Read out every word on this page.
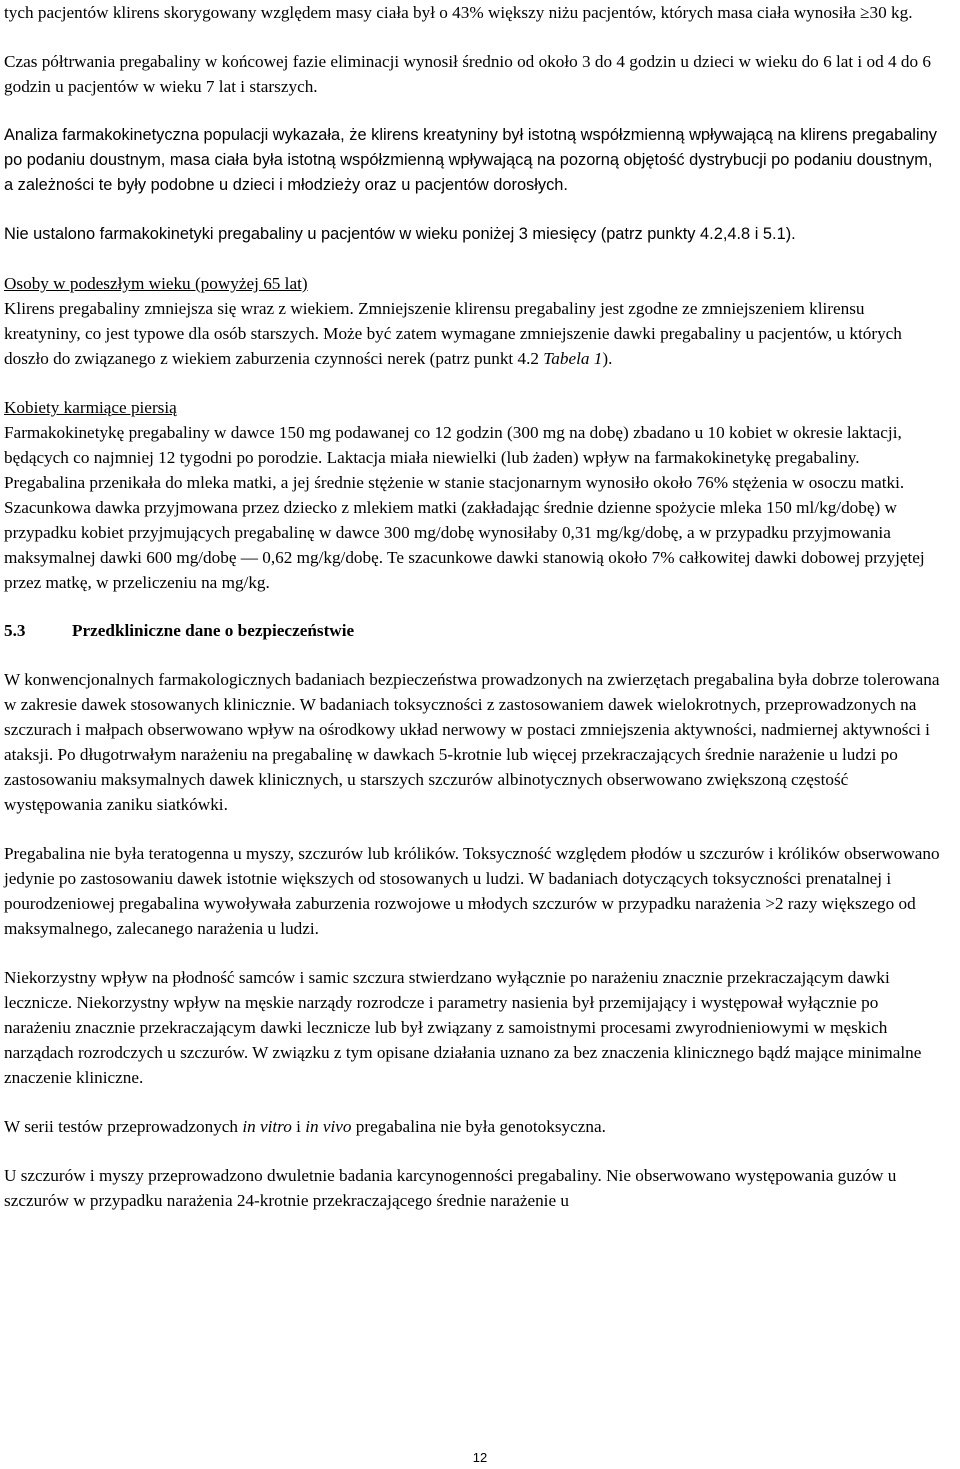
tych pacjentów klirens skorygowany względem masy ciała był o 43% większy niżu pacjentów, których masa ciała wynosiła ≥30 kg.

Czas półtrwania pregabaliny w końcowej fazie eliminacji wynosił średnio od około 3 do 4 godzin u dzieci w wieku do 6 lat i od 4 do 6 godzin u pacjentów w wieku 7 lat i starszych.

Analiza farmakokinetyczna populacji wykazała, że klirens kreatyniny był istotną współzmienną wpływającą na klirens pregabaliny po podaniu doustnym, masa ciała była istotną współzmienną wpływającą na pozorną objętość dystrybucji po podaniu doustnym, a zależności te były podobne u dzieci i młodzieży oraz u pacjentów dorosłych.

Nie ustalono farmakokinetyki pregabaliny u pacjentów w wieku poniżej 3 miesięcy (patrz punkty 4.2,4.8 i 5.1).

Osoby w podeszłym wieku (powyżej 65 lat)

Klirens pregabaliny zmniejsza się wraz z wiekiem. Zmniejszenie klirensu pregabaliny jest zgodne ze zmniejszeniem klirensu kreatyniny, co jest typowe dla osób starszych. Może być zatem wymagane zmniejszenie dawki pregabaliny u pacjentów, u których doszło do związanego z wiekiem zaburzenia czynności nerek (patrz punkt 4.2 Tabela 1).

Kobiety karmiące piersią

Farmakokinetykę pregabaliny w dawce 150 mg podawanej co 12 godzin (300 mg na dobę) zbadano u 10 kobiet w okresie laktacji, będących co najmniej 12 tygodni po porodzie. Laktacja miała niewielki (lub żaden) wpływ na farmakokinetykę pregabaliny. Pregabalina przenikała do mleka matki, a jej średnie stężenie w stanie stacjonarnym wynosiło około 76% stężenia w osoczu matki. Szacunkowa dawka przyjmowana przez dziecko z mlekiem matki (zakładając średnie dzienne spożycie mleka 150 ml/kg/dobę) w przypadku kobiet przyjmujących pregabalinę w dawce 300 mg/dobę wynosiłaby 0,31 mg/kg/dobę, a w przypadku przyjmowania maksymalnej dawki 600 mg/dobę — 0,62 mg/kg/dobę. Te szacunkowe dawki stanowią około 7% całkowitej dawki dobowej przyjętej przez matkę, w przeliczeniu na mg/kg.

5.3	Przedkliniczne dane o bezpieczeństwie

W konwencjonalnych farmakologicznych badaniach bezpieczeństwa prowadzonych na zwierzętach pregabalina była dobrze tolerowana w zakresie dawek stosowanych klinicznie. W badaniach toksyczności z zastosowaniem dawek wielokrotnych, przeprowadzonych na szczurach i małpach obserwowano wpływ na ośrodkowy układ nerwowy w postaci zmniejszenia aktywności, nadmiernej aktywności i ataksji. Po długotrwałym narażeniu na pregabalinę w dawkach 5-krotnie lub więcej przekraczających średnie narażenie u ludzi po zastosowaniu maksymalnych dawek klinicznych, u starszych szczurów albinotycznych obserwowano zwiększoną częstość występowania zaniku siatkówki.

Pregabalina nie była teratogenna u myszy, szczurów lub królików. Toksyczność względem płodów u szczurów i królików obserwowano jedynie po zastosowaniu dawek istotnie większych od stosowanych u ludzi. W badaniach dotyczących toksyczności prenatalnej i pourodzeniowej pregabalina wywoływała zaburzenia rozwojowe u młodych szczurów w przypadku narażenia >2 razy większego od maksymalnego, zalecanego narażenia u ludzi.

Niekorzystny wpływ na płodność samców i samic szczura stwierdzano wyłącznie po narażeniu znacznie przekraczającym dawki lecznicze. Niekorzystny wpływ na męskie narządy rozrodcze i parametry nasienia był przemijający i występował wyłącznie po narażeniu znacznie przekraczającym dawki lecznicze lub był związany z samoistnymi procesami zwyrodnieniowymi w męskich narządach rozrodczych u szczurów. W związku z tym opisane działania uznano za bez znaczenia klinicznego bądź mające minimalne znaczenie kliniczne.

W serii testów przeprowadzonych in vitro i in vivo pregabalina nie była genotoksyczna.

U szczurów i myszy przeprowadzono dwuletnie badania karcynogenności pregabaliny. Nie obserwowano występowania guzów u szczurów w przypadku narażenia 24-krotnie przekraczającego średnie narażenie u

12
